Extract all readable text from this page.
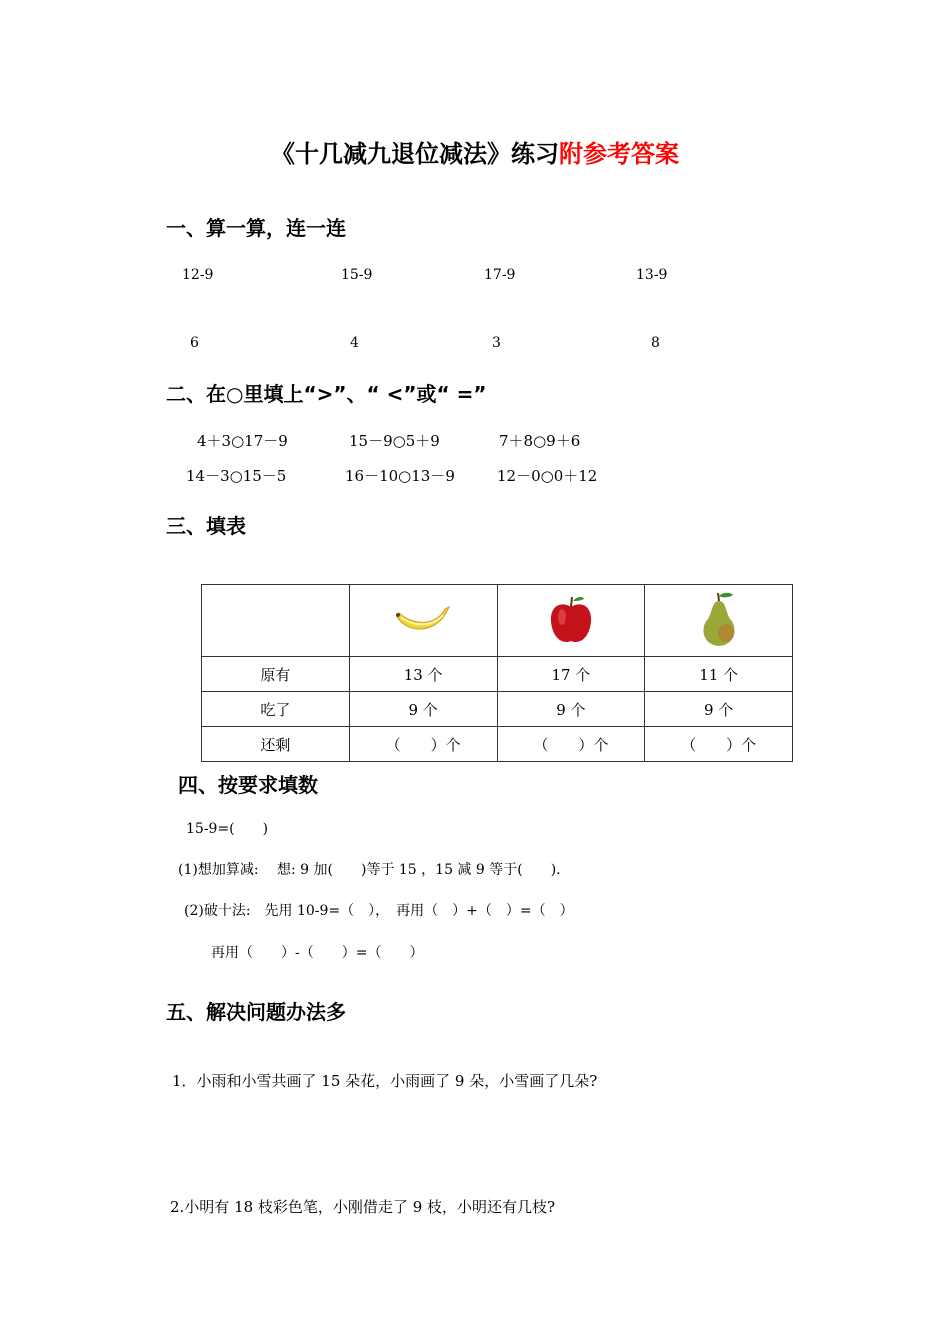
《十几减九退位减法》练习附参考答案
一、算一算，连一连
12-9	15-9	17-9	13-9
6	4	3	8
二、在○里填上“>”、“ <”或“ =”
4＋3○17－9	15－9○5＋9	7＋8○9＋6
14－3○15－5	16－10○13－9	12－0○0＋12
三、填表

原有	13 个	17 个	11 个
吃了	9 个	9 个	9 个
还剩	（　　）个	（　　）个	（　　）个
四、按要求填数
15-9=(　　)
(1)想加算减:　 想: 9 加(　　)等于 15 ，15 减 9 等于(　　).
(2)破十法:　先用 10-9=（　），　再用（　）+（　）=（　）
再用（　　）-（　　）=（　　）
五、解决问题办法多
1．小雨和小雪共画了 15 朵花，小雨画了 9 朵，小雪画了几朵?
2.小明有 18 枝彩色笔，小刚借走了 9 枝，小明还有几枝?
